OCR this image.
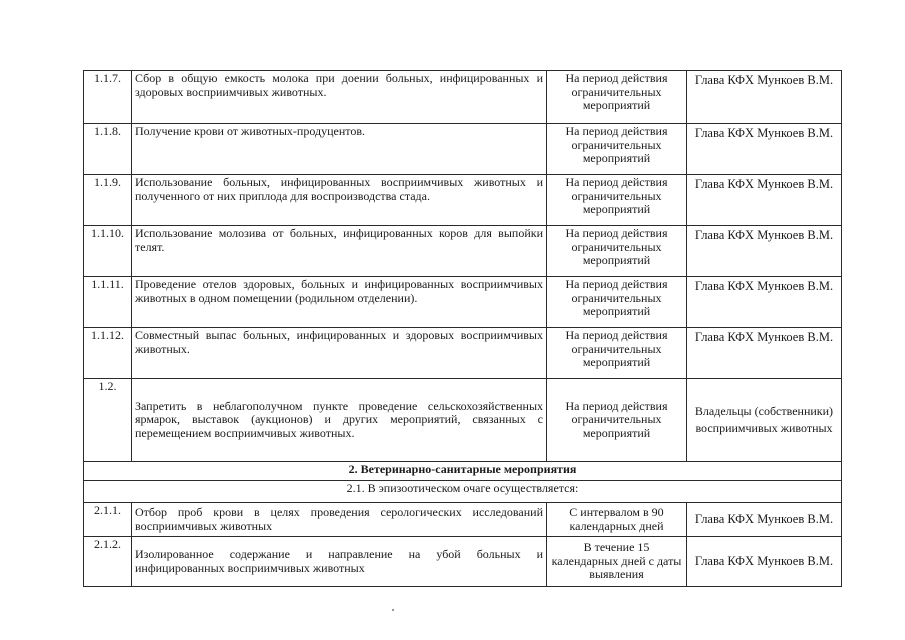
1.1.7.	Сбор в общую емкость молока при доении больных, инфицированных и здоровых восприимчивых животных.	На период действия ограничительных мероприятий	Глава КФХ Мункоев В.М.
1.1.8.	Получение крови от животных-продуцентов.	На период действия ограничительных мероприятий	Глава КФХ Мункоев В.М.
1.1.9.	Использование больных, инфицированных восприимчивых животных и полученного от них приплода для воспроизводства стада.	На период действия ограничительных мероприятий	Глава КФХ Мункоев В.М.
1.1.10.	Использование молозива от больных, инфицированных коров для выпойки телят.	На период действия ограничительных мероприятий	Глава КФХ Мункоев В.М.
1.1.11.	Проведение отелов здоровых, больных и инфицированных восприимчивых животных в одном помещении (родильном отделении).	На период действия ограничительных мероприятий	Глава КФХ Мункоев В.М.
1.1.12.	Совместный выпас больных, инфицированных и здоровых восприимчивых животных.	На период действия ограничительных мероприятий	Глава КФХ Мункоев В.М.
1.2.	Запретить в неблагополучном пункте проведение сельскохозяйственных ярмарок, выставок (аукционов) и других мероприятий, связанных с перемещением восприимчивых животных.	На период действия ограничительных мероприятий	Владельцы (собственники) восприимчивых животных
2. Ветеринарно-санитарные мероприятия			
2.1. В эпизоотическом очаге осуществляется:			
2.1.1.	Отбор проб крови в целях проведения серологических исследований восприимчивых животных	С интервалом в 90 календарных дней	Глава КФХ Мункоев В.М.
2.1.2.	Изолированное содержание и направление на убой больных и инфицированных восприимчивых животных	В течение 15 календарных дней с даты выявления	Глава КФХ Мункоев В.М.
